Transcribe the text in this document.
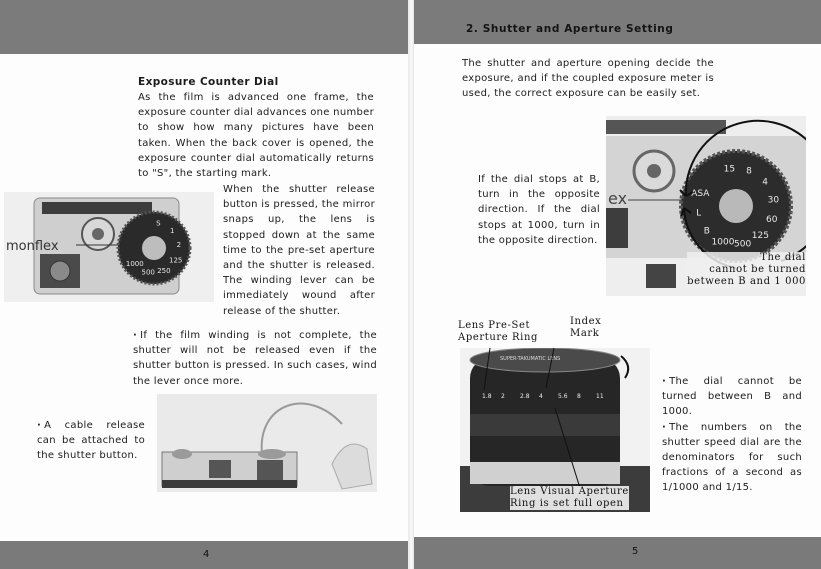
Exposure Counter Dial

As the film is advanced one frame, the exposure counter dial advances one number to show how many pictures have been taken. When the back cover is opened, the exposure counter dial automatically returns to "S", the starting mark.

monflex
S
1
2
125
250
500
1000

When the shutter release button is pressed, the mirror snaps up, the lens is stopped down at the same time to the pre-set aperture and the shutter is released. The winding lever can be immediately wound after release of the shutter.

· If the film winding is not complete, the shutter will not be released even if the shutter button is pressed. In such cases, wind the lever once more.

· A cable release can be attached to the shutter button.

4
2. Shutter and Aperture Setting

The shutter and aperture opening decide the exposure, and if the coupled exposure meter is used, the correct exposure can be easily set.

If the dial stops at B, turn in the opposite direction. If the dial stops at 1000, turn in the opposite direction.

ex
15 8
4
30
60
125
500
1000
B
L
ASA
The dial
cannot be turned
between B and 1 000
Lens Pre-Set
Aperture Ring
Index
Mark
SUPER-TAKUMATIC LENS
1.8 2	2.8 4	5.6 8	11
Lens Visual Aperture
Ring is set full open

· The dial cannot be turned between B and 1000.

· The numbers on the shutter speed dial are the denominators for such fractions of a second as 1/1000 and 1/15.

5
